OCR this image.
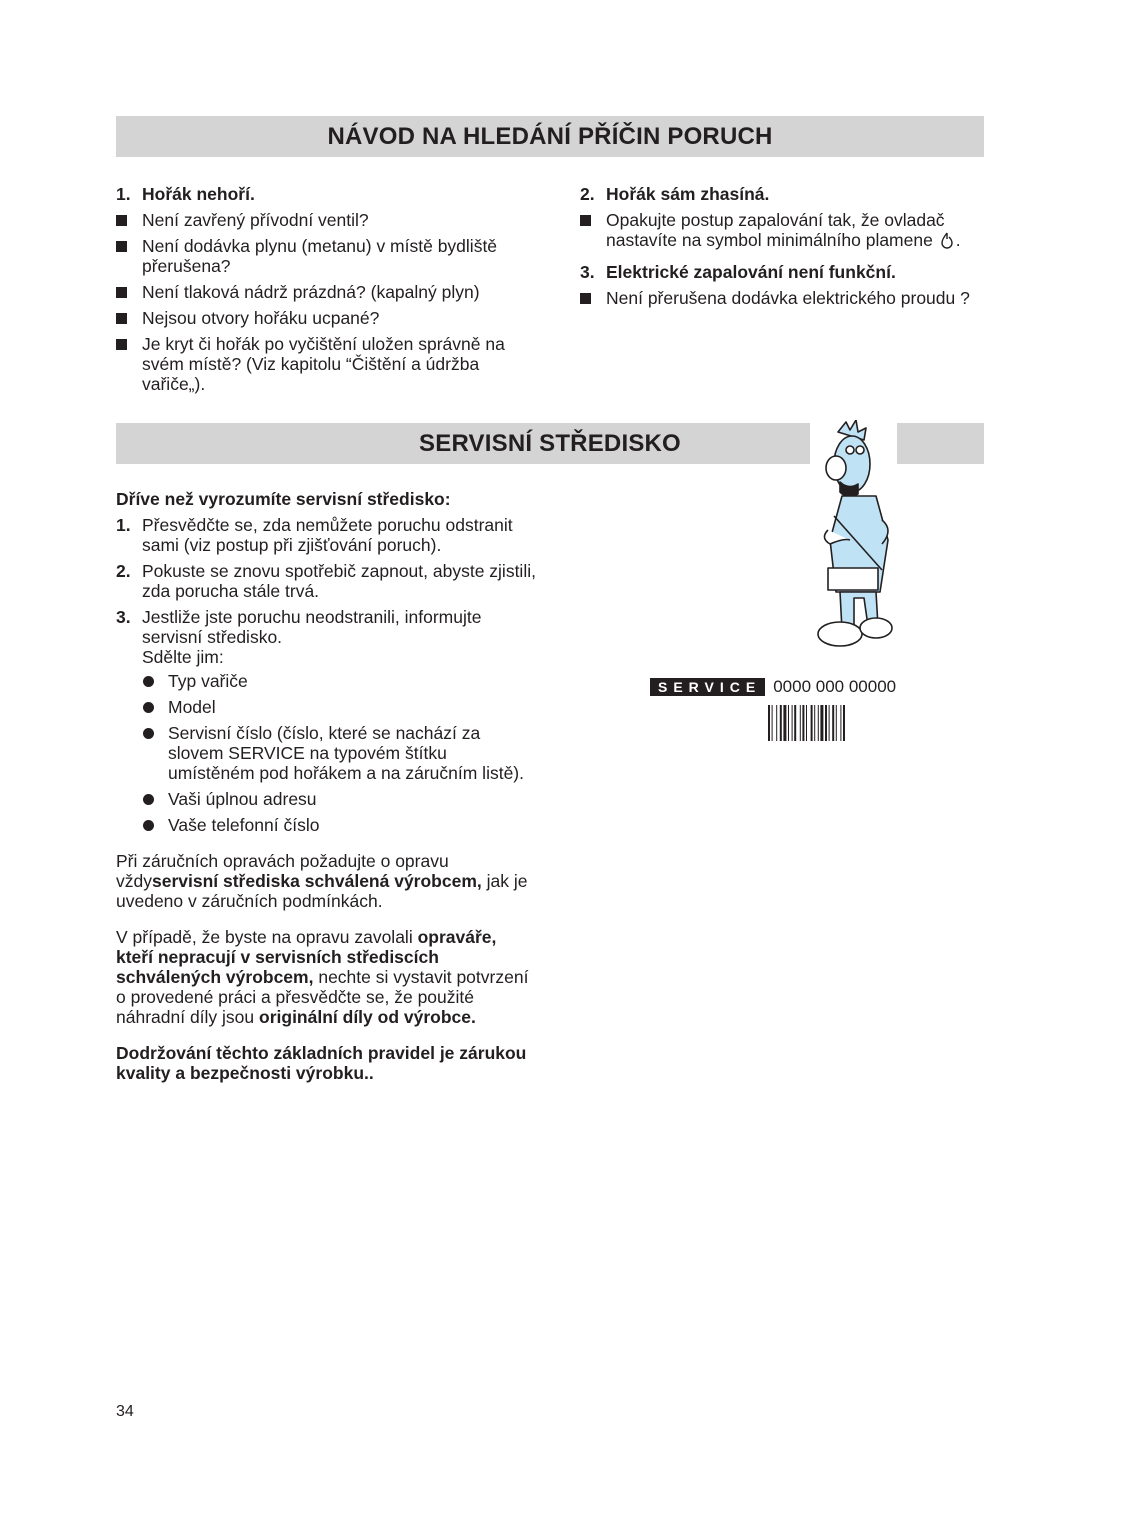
NÁVOD NA HLEDÁNÍ PŘÍČIN PORUCH
1. Hořák nehoří.
Není zavřený přívodní ventil?
Není dodávka plynu (metanu) v místě bydliště přerušena?
Není tlaková nádrž prázdná? (kapalný plyn)
Nejsou otvory hořáku ucpané?
Je kryt či hořák po vyčištění uložen správně na svém místě? (Viz kapitolu “Čištění a údržba vařiče„).
2. Hořák sám zhasíná.
Opakujte postup zapalování tak, že ovladač nastavíte na symbol minimálního plamene .
3. Elektrické zapalování není funkční.
Není přerušena dodávka elektrického proudu ?
SERVISNÍ STŘEDISKO
SERVICE 0000 000 00000
Dříve než vyrozumíte servisní středisko:
1. Přesvědčte se, zda nemůžete poruchu odstranit sami (viz postup při zjišťování poruch).
2. Pokuste se znovu spotřebič zapnout, abyste zjistili, zda porucha stále trvá.
3. Jestliže jste poruchu neodstranili, informujte servisní středisko.
Sdělte jim:
Typ vařiče
Model
Servisní číslo (číslo, které se nachází za slovem SERVICE na typovém štítku umístěném pod hořákem a na záručním listě).
Vaši úplnou adresu
Vaše telefonní číslo

Při záručních opravách požadujte o opravu vždyservisní střediska schválená výrobcem, jak je uvedeno v záručních podmínkách.

V případě, že byste na opravu zavolali opraváře, kteří nepracují v servisních střediscích schválených výrobcem, nechte si vystavit potvrzení o provedené práci a přesvědčte se, že použité náhradní díly jsou originální díly od výrobce.

Dodržování těchto základních pravidel je zárukou kvality a bezpečnosti výrobku..

34
